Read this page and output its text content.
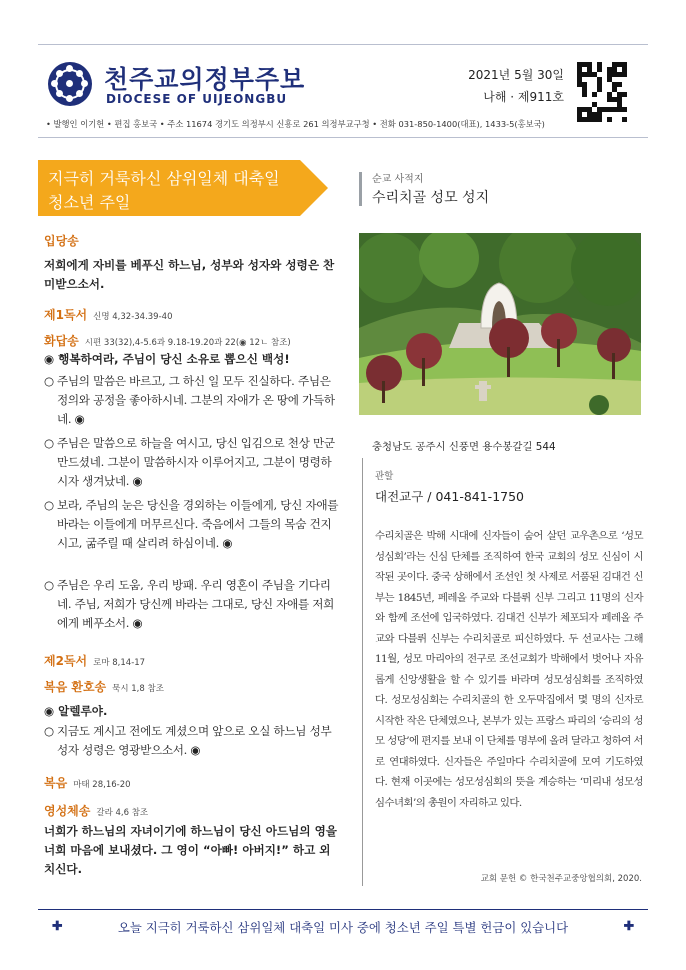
천주교의정부주보
DIOCESE OF UIJEONGBU
2021년 5월 30일
나해 · 제911호
• 발행인 이기헌 • 편집 홍보국 • 주소 11674 경기도 의정부시 신흥로 261 의정부교구청 • 전화 031-850-1400(대표), 1433-5(홍보국)
지극히 거룩하신 삼위일체 대축일
청소년 주일
입당송

저희에게 자비를 베푸신 하느님, 성부와 성자와 성령은 찬미받으소서.

제1독서 신명 4,32-34.39-40
화답송 시편 33(32),4-5.6과 9.18-19.20과 22(◉ 12ㄴ 참조)

◉ 행복하여라, 주님이 당신 소유로 뽑으신 백성!

○ 주님의 말씀은 바르고, 그 하신 일 모두 진실하다. 주님은 정의와 공정을 좋아하시네. 그분의 자애가 온 땅에 가득하네. ◉

○ 주님은 말씀으로 하늘을 여시고, 당신 입김으로 천상 만군 만드셨네. 그분이 말씀하시자 이루어지고, 그분이 명령하시자 생겨났네. ◉

○ 보라, 주님의 눈은 당신을 경외하는 이들에게, 당신 자애를 바라는 이들에게 머무르신다. 죽음에서 그들의 목숨 건지시고, 굶주릴 때 살리려 하심이네. ◉

○ 주님은 우리 도움, 우리 방패. 우리 영혼이 주님을 기다리네. 주님, 저희가 당신께 바라는 그대로, 당신 자애를 저희에게 베푸소서. ◉

제2독서 로마 8,14-17
복음 환호송 묵시 1,8 참조

◉ 알렐루야.

○ 지금도 계시고 전에도 계셨으며 앞으로 오실 하느님 성부 성자 성령은 영광받으소서. ◉

복음 마태 28,16-20
영성체송 갈라 4,6 참조

너희가 하느님의 자녀이기에 하느님이 당신 아드님의 영을 너희 마음에 보내셨다. 그 영이 “아빠! 아버지!” 하고 외치신다.

순교 사적지
수리치골 성모 성지
충청남도 공주시 신풍면 용수봉갈길 544
관할
대전교구 / 041-841-1750
수리치골은 박해 시대에 신자들이 숨어 살던 교우촌으로 ‘성모성심회’라는 신심 단체를 조직하여 한국 교회의 성모 신심이 시작된 곳이다. 중국 상해에서 조선인 첫 사제로 서품된 김대건 신부는 1845년, 페레올 주교와 다블뤼 신부 그리고 11명의 신자와 함께 조선에 입국하였다. 김대건 신부가 체포되자 페레올 주교와 다블뤼 신부는 수리치골로 피신하였다. 두 선교사는 그해 11월, 성모 마리아의 전구로 조선교회가 박해에서 벗어나 자유롭게 신앙생활을 할 수 있기를 바라며 성모성심회를 조직하였다. 성모성심회는 수리치골의 한 오두막집에서 몇 명의 신자로 시작한 작은 단체였으나, 본부가 있는 프랑스 파리의 ‘승리의 성모 성당’에 편지를 보내 이 단체를 명부에 올려 달라고 청하여 서로 연대하였다. 신자들은 주일마다 수리치골에 모여 기도하였다. 현재 이곳에는 성모성심회의 뜻을 계승하는 ‘미리내 성모성심수녀회’의 총원이 자리하고 있다.
교회 문헌 © 한국천주교중앙협의회, 2020.
✚	오늘 지극히 거룩하신 삼위일체 대축일 미사 중에 청소년 주일 특별 헌금이 있습니다	✚
